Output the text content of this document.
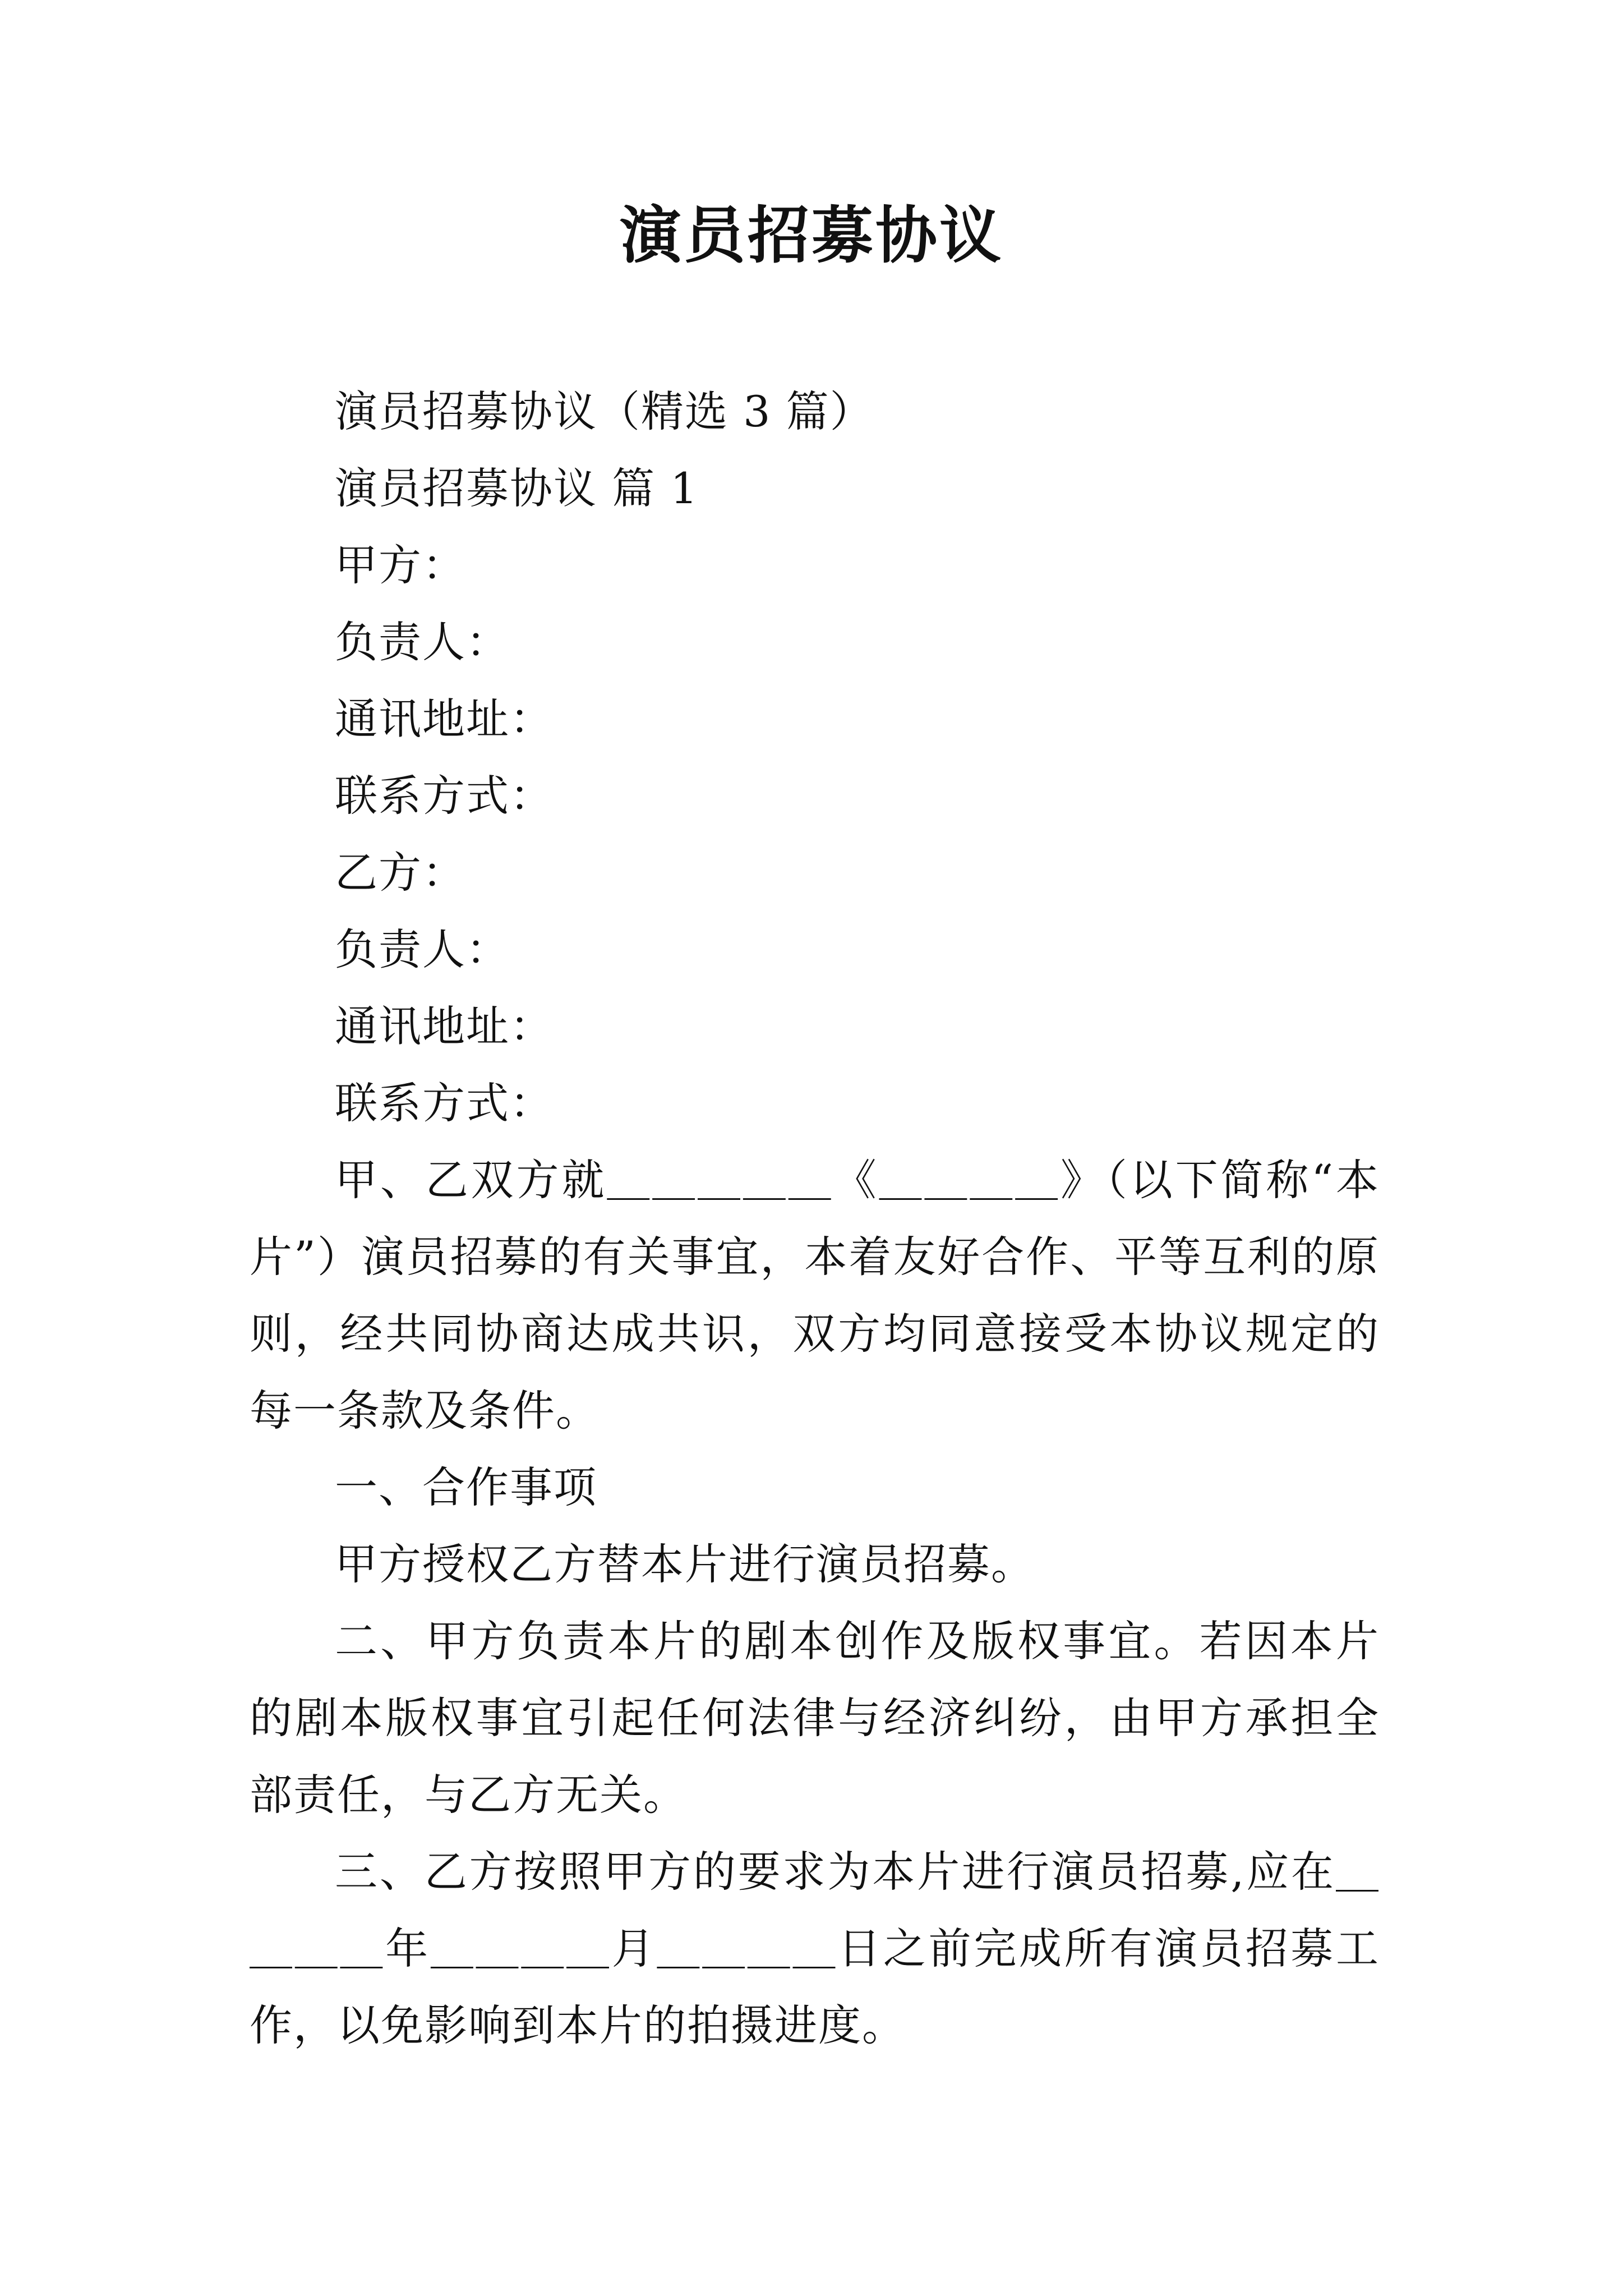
演员招募协议
演员招募协议（精选 3 篇）
演员招募协议 篇 1
甲方：
负责人：
通讯地址：
联系方式：
乙方：
负责人：
通讯地址：
联系方式：
甲、乙双方就＿＿＿＿＿《＿＿＿＿》（以下简称“本片”）演员招募的有关事宜，本着友好合作、平等互利的原则，经共同协商达成共识，双方均同意接受本协议规定的每一条款及条件。
一、合作事项
甲方授权乙方替本片进行演员招募。
二、甲方负责本片的剧本创作及版权事宜。若因本片的剧本版权事宜引起任何法律与经济纠纷，由甲方承担全部责任，与乙方无关。
三、乙方按照甲方的要求为本片进行演员招募,应在＿＿＿＿年＿＿＿＿月＿＿＿＿日之前完成所有演员招募工作，以免影响到本片的拍摄进度。
